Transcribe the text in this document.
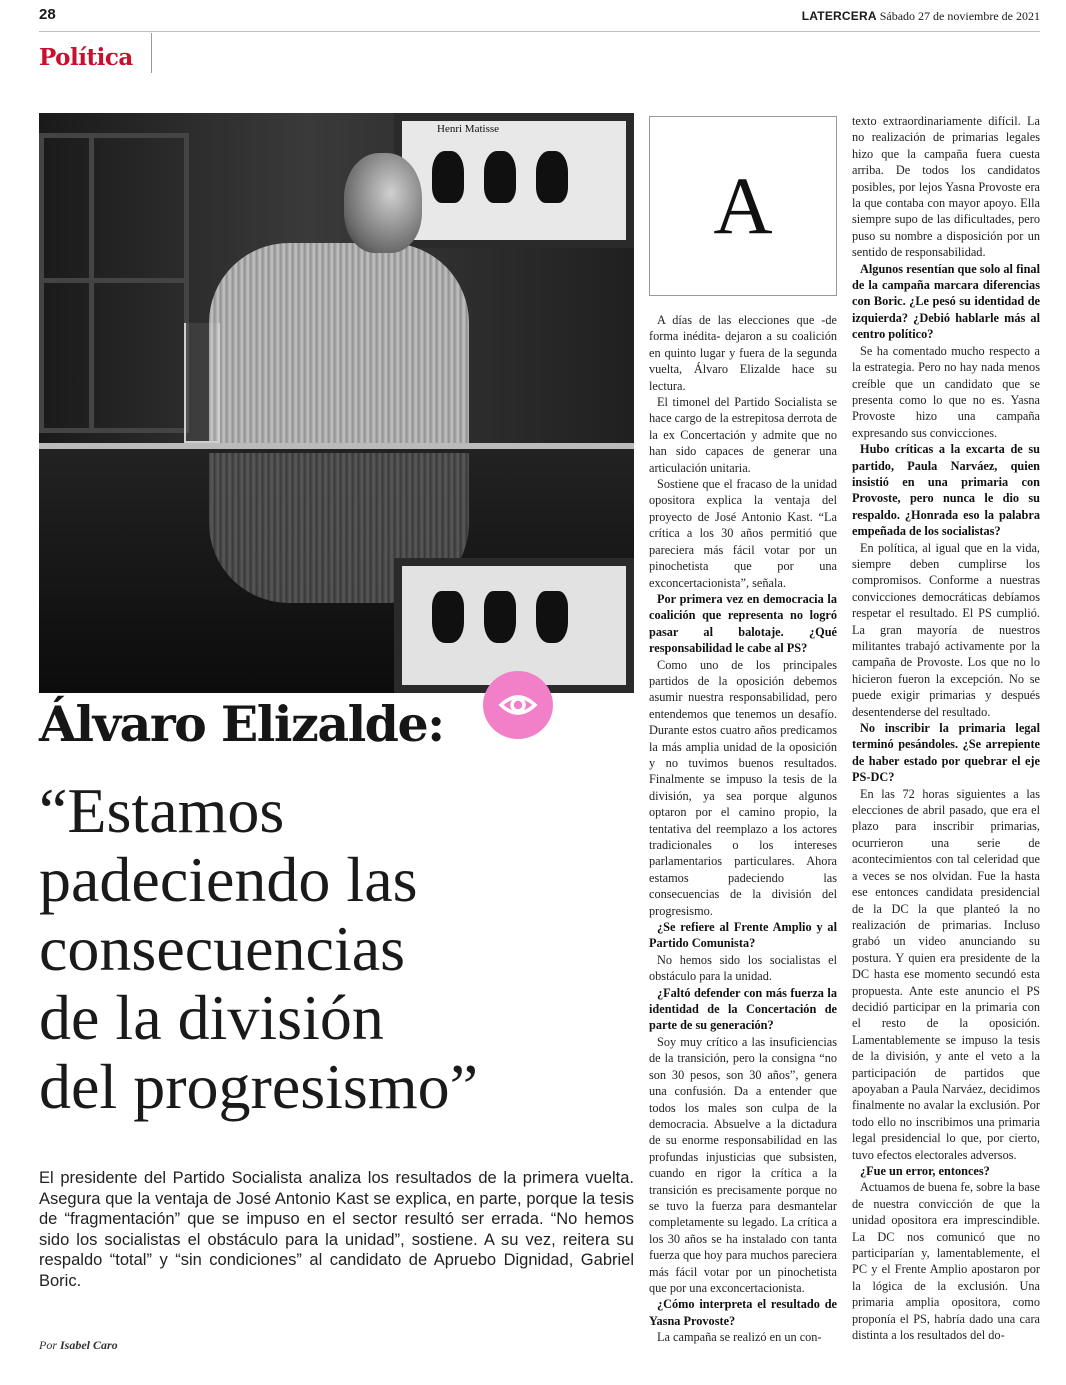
28	LATERCERA Sábado 27 de noviembre de 2021
Política
Henri Matisse
Álvaro Elizalde:
“Estamos
padeciendo las
consecuencias
de la división
del progresismo”
El presidente del Partido Socialista analiza los resultados de la primera vuelta. Asegura que la ventaja de José Antonio Kast se explica, en parte, porque la tesis de “fragmentación” que se impuso en el sector resultó ser errada. “No hemos sido los socialistas el obstáculo para la unidad”, sostiene. A su vez, reitera su respaldo “total” y “sin condiciones” al candidato de Apruebo Dignidad, Gabriel Boric.
Por Isabel Caro
A

A días de las elecciones que -de forma inédita- dejaron a su coalición en quinto lugar y fuera de la segunda vuelta, Álvaro Elizalde hace su lectura.

El timonel del Partido Socialista se hace cargo de la estrepitosa derrota de la ex Concertación y admite que no han sido capaces de generar una articulación unitaria.

Sostiene que el fracaso de la unidad opositora explica la ventaja del proyecto de José Antonio Kast. “La crítica a los 30 años permitió que pareciera más fácil votar por un pinochetista que por una exconcertacionista”, señala.

Por primera vez en democracia la coalición que representa no logró pasar al balotaje. ¿Qué responsabilidad le cabe al PS?

Como uno de los principales partidos de la oposición debemos asumir nuestra responsabilidad, pero entendemos que tenemos un desafío. Durante estos cuatro años predicamos la más amplia unidad de la oposición y no tuvimos buenos resultados. Finalmente se impuso la tesis de la división, ya sea porque algunos optaron por el camino propio, la tentativa del reemplazo a los actores tradicionales o los intereses parlamentarios particulares. Ahora estamos padeciendo las consecuencias de la división del progresismo.

¿Se refiere al Frente Amplio y al Partido Comunista?

No hemos sido los socialistas el obstáculo para la unidad.

¿Faltó defender con más fuerza la identidad de la Concertación de parte de su generación?

Soy muy crítico a las insuficiencias de la transición, pero la consigna “no son 30 pesos, son 30 años”, genera una confusión. Da a entender que todos los males son culpa de la democracia. Absuelve a la dictadura de su enorme responsabilidad en las profundas injusticias que subsisten, cuando en rigor la crítica a la transición es precisamente porque no se tuvo la fuerza para desmantelar completamente su legado. La crítica a los 30 años se ha instalado con tanta fuerza que hoy para muchos pareciera más fácil votar por un pinochetista que por una exconcertacionista.

¿Cómo interpreta el resultado de Yasna Provoste?

La campaña se realizó en un con-

texto extraordinariamente difícil. La no realización de primarias legales hizo que la campaña fuera cuesta arriba. De todos los candidatos posibles, por lejos Yasna Provoste era la que contaba con mayor apoyo. Ella siempre supo de las dificultades, pero puso su nombre a disposición por un sentido de responsabilidad.

Algunos resentían que solo al final de la campaña marcara diferencias con Boric. ¿Le pesó su identidad de izquierda? ¿Debió hablarle más al centro político?

Se ha comentado mucho respecto a la estrategia. Pero no hay nada menos creíble que un candidato que se presenta como lo que no es. Yasna Provoste hizo una campaña expresando sus convicciones.

Hubo críticas a la excarta de su partido, Paula Narváez, quien insistió en una primaria con Provoste, pero nunca le dio su respaldo. ¿Honrada eso la palabra empeñada de los socialistas?

En política, al igual que en la vida, siempre deben cumplirse los compromisos. Conforme a nuestras convicciones democráticas debíamos respetar el resultado. El PS cumplió. La gran mayoría de nuestros militantes trabajó activamente por la campaña de Provoste. Los que no lo hicieron fueron la excepción. No se puede exigir primarias y después desentenderse del resultado.

No inscribir la primaria legal terminó pesándoles. ¿Se arrepiente de haber estado por quebrar el eje PS-DC?

En las 72 horas siguientes a las elecciones de abril pasado, que era el plazo para inscribir primarias, ocurrieron una serie de acontecimientos con tal celeridad que a veces se nos olvidan. Fue la hasta ese entonces candidata presidencial de la DC la que planteó la no realización de primarias. Incluso grabó un video anunciando su postura. Y quien era presidente de la DC hasta ese momento secundó esta propuesta. Ante este anuncio el PS decidió participar en la primaria con el resto de la oposición. Lamentablemente se impuso la tesis de la división, y ante el veto a la participación de partidos que apoyaban a Paula Narváez, decidimos finalmente no avalar la exclusión. Por todo ello no inscribimos una primaria legal presidencial lo que, por cierto, tuvo efectos electorales adversos.

¿Fue un error, entonces?

Actuamos de buena fe, sobre la base de nuestra convicción de que la unidad opositora era imprescindible. La DC nos comunicó que no participarían y, lamentablemente, el PC y el Frente Amplio apostaron por la lógica de la exclusión. Una primaria amplia opositora, como proponía el PS, habría dado una cara distinta a los resultados del do-
